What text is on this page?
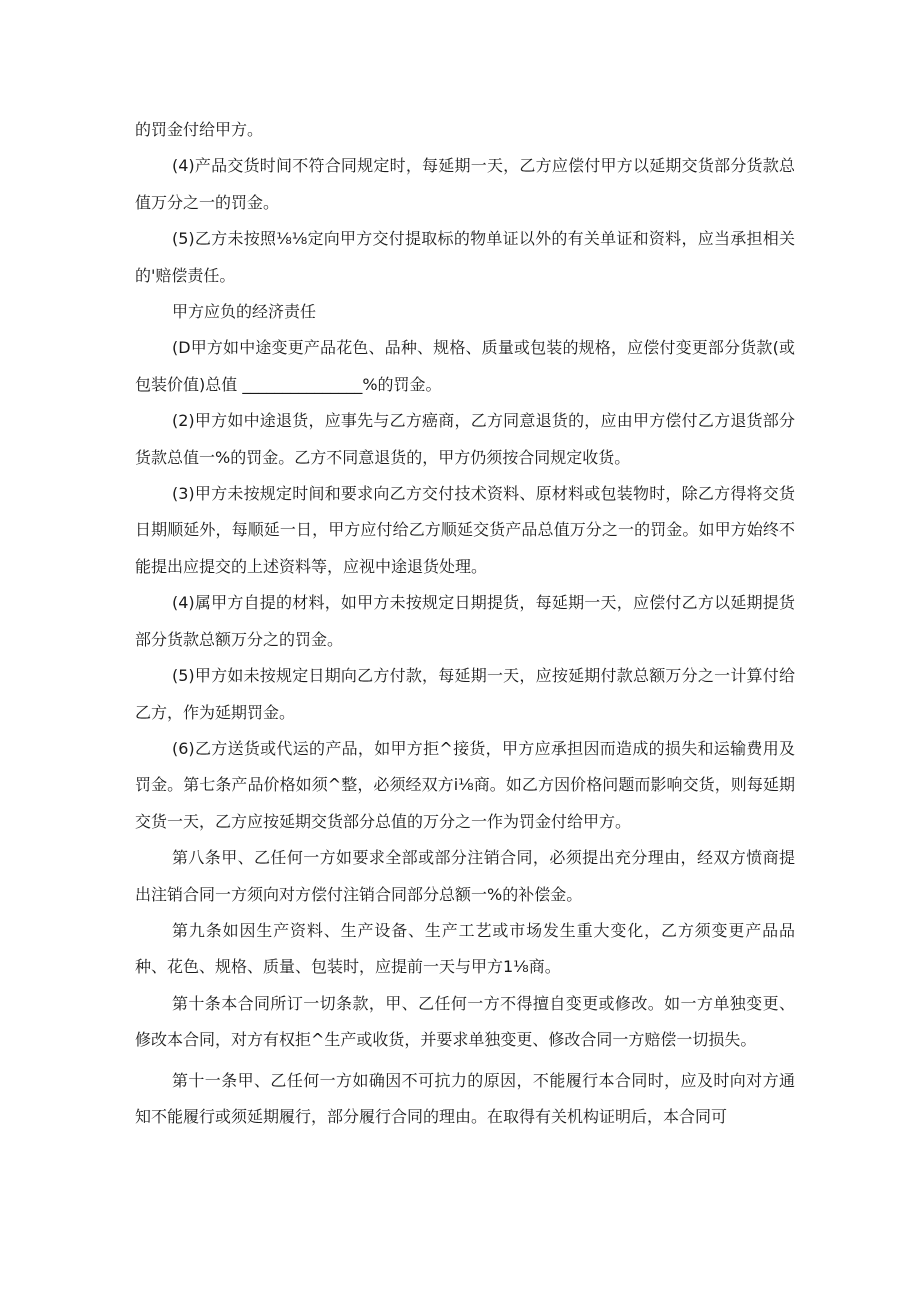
的罚金付给甲方。

(4)产品交货时间不符合同规定时，每延期一天，乙方应偿付甲方以延期交货部分货款总值万分之一的罚金。

(5)乙方未按照⅛⅛定向甲方交付提取标的物单证以外的有关单证和资料，应当承担相关的'赔偿责任。

甲方应负的经济责任

(D甲方如中途变更产品花色、品种、规格、质量或包装的规格，应偿付变更部分货款(或包装价值)总值 _______________%的罚金。

(2)甲方如中途退货，应事先与乙方癌商，乙方同意退货的，应由甲方偿付乙方退货部分货款总值一%的罚金。乙方不同意退货的，甲方仍须按合同规定收货。

(3)甲方未按规定时间和要求向乙方交付技术资料、原材料或包装物时，除乙方得将交货日期顺延外，每顺延一日，甲方应付给乙方顺延交货产品总值万分之一的罚金。如甲方始终不能提出应提交的上述资料等，应视中途退货处理。

(4)属甲方自提的材料，如甲方未按规定日期提货，每延期一天，应偿付乙方以延期提货部分货款总额万分之的罚金。

(5)甲方如未按规定日期向乙方付款，每延期一天，应按延期付款总额万分之一计算付给乙方，作为延期罚金。

(6)乙方送货或代运的产品，如甲方拒^接货，甲方应承担因而造成的损失和运输费用及罚金。第七条产品价格如须^整，必须经双方i⅛商。如乙方因价格问题而影响交货，则每延期交货一天，乙方应按延期交货部分总值的万分之一作为罚金付给甲方。

第八条甲、乙任何一方如要求全部或部分注销合同，必须提出充分理由，经双方愤商提出注销合同一方须向对方偿付注销合同部分总额一%的补偿金。

第九条如因生产资料、生产设备、生产工艺或市场发生重大变化，乙方须变更产品品种、花色、规格、质量、包装时，应提前一天与甲方1⅛商。

第十条本合同所订一切条款，甲、乙任何一方不得擅自变更或修改。如一方单独变更、修改本合同，对方有权拒^生产或收货，并要求单独变更、修改合同一方赔偿一切损失。

第十一条甲、乙任何一方如确因不可抗力的原因，不能履行本合同时，应及时向对方通知不能履行或须延期履行，部分履行合同的理由。在取得有关机构证明后，本合同可
